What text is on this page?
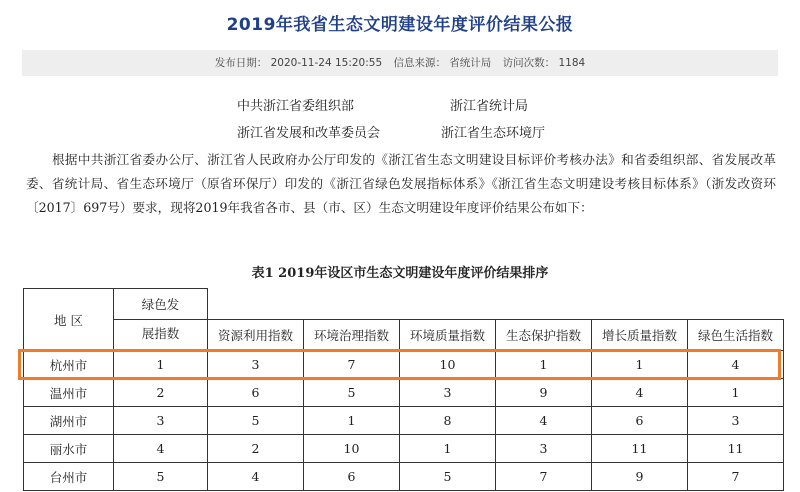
2019年我省生态文明建设年度评价结果公报
发布日期： 2020-11-24 15:20:55 信息来源： 省统计局 访问次数： 1184
中共浙江省委组织部	浙江省统计局
浙江省发展和改革委员会	浙江省生态环境厅
根据中共浙江省委办公厅、浙江省人民政府办公厅印发的《浙江省生态文明建设目标评价考核办法》和省委组织部、省发展改革委、省统计局、省生态环境厅（原省环保厅）印发的《浙江省绿色发展指标体系》《浙江省生态文明建设考核目标体系》（浙发改资环〔2017〕697号）要求，现将2019年我省各市、县（市、区）生态文明建设年度评价结果公布如下：
表1 2019年设区市生态文明建设年度评价结果排序
地 区	绿色发						
	展指数	资源利用指数	环境治理指数	环境质量指数	生态保护指数	增长质量指数	绿色生活指数
杭州市	1	3	7	10	1	1	4
温州市	2	6	5	3	9	4	1
湖州市	3	5	1	8	4	6	3
丽水市	4	2	10	1	3	11	11
台州市	5	4	6	5	7	9	7
